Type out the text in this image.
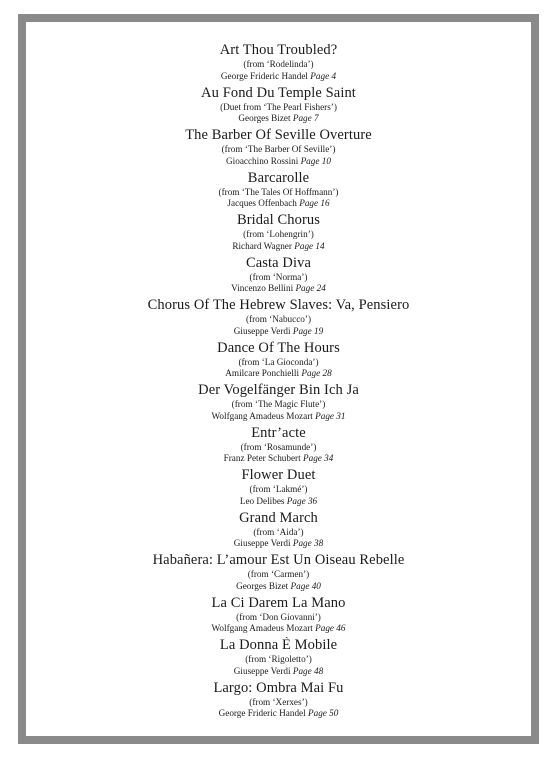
Art Thou Troubled?
(from ‘Rodelinda’)
George Frideric Handel Page 4
Au Fond Du Temple Saint
(Duet from ‘The Pearl Fishers’)
Georges Bizet Page 7
The Barber Of Seville Overture
(from ‘The Barber Of Seville’)
Gioacchino Rossini Page 10
Barcarolle
(from ‘The Tales Of Hoffmann’)
Jacques Offenbach Page 16
Bridal Chorus
(from ‘Lohengrin’)
Richard Wagner Page 14
Casta Diva
(from ‘Norma’)
Vincenzo Bellini Page 24
Chorus Of The Hebrew Slaves: Va, Pensiero
(from ‘Nabucco’)
Giuseppe Verdi Page 19
Dance Of The Hours
(from ‘La Gioconda’)
Amilcare Ponchielli Page 28
Der Vogelfänger Bin Ich Ja
(from ‘The Magic Flute’)
Wolfgang Amadeus Mozart Page 31
Entr’acte
(from ‘Rosamunde’)
Franz Peter Schubert Page 34
Flower Duet
(from ‘Lakmé’)
Leo Delibes Page 36
Grand March
(from ‘Aida’)
Giuseppe Verdi Page 38
Habañera: L’amour Est Un Oiseau Rebelle
(from ‘Carmen’)
Georges Bizet Page 40
La Ci Darem La Mano
(from ‘Don Giovanni’)
Wolfgang Amadeus Mozart Page 46
La Donna È Mobile
(from ‘Rigoletto’)
Giuseppe Verdi Page 48
Largo: Ombra Mai Fu
(from ‘Xerxes’)
George Frideric Handel Page 50
